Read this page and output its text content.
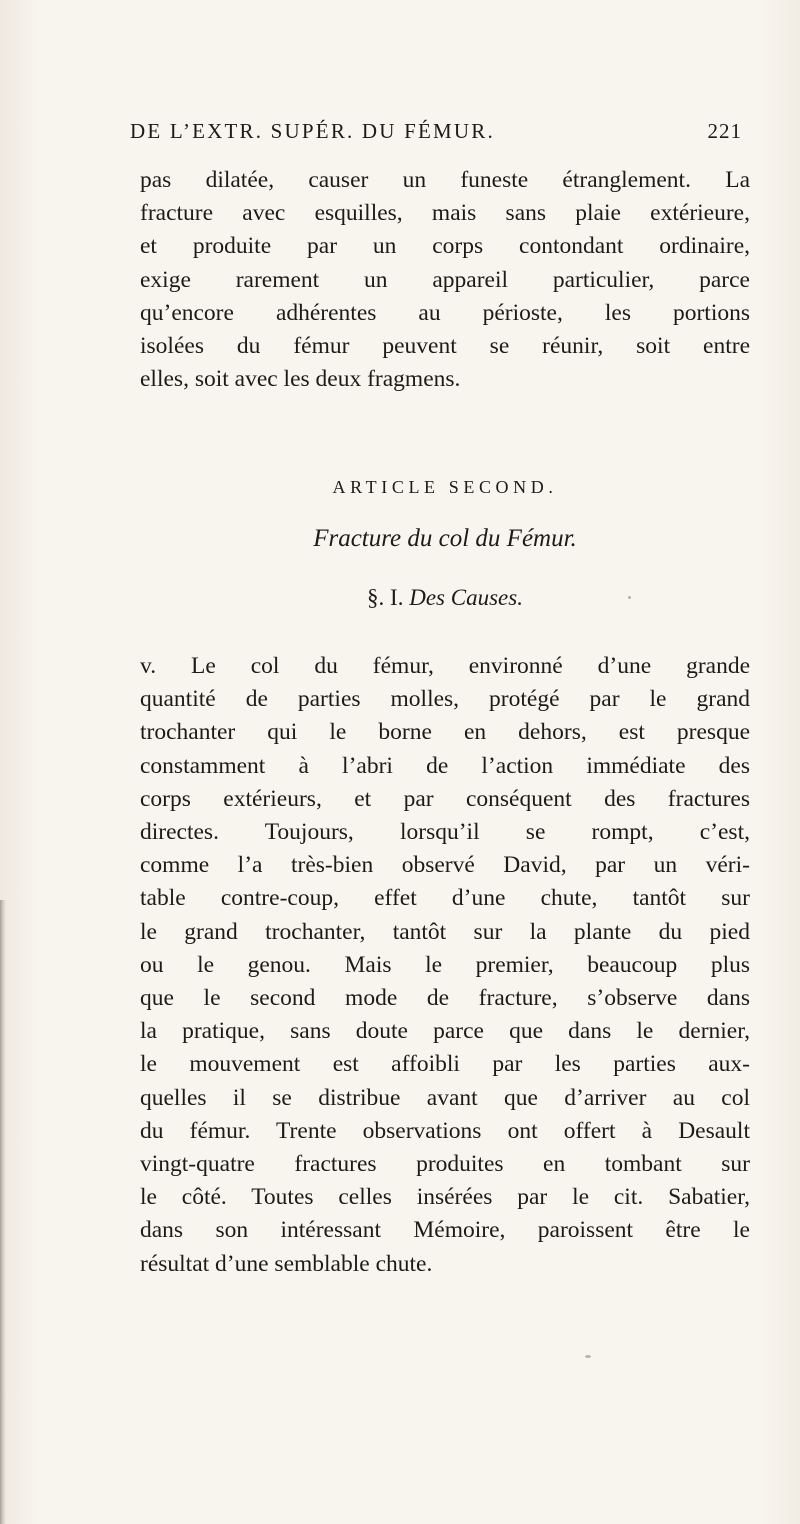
DE L’EXTR. SUPÉR. DU FÉMUR.	221
pas dilatée, causer un funeste étranglement. La
fracture avec esquilles, mais sans plaie extérieure,
et produite par un corps contondant ordinaire,
exige rarement un appareil particulier, parce
qu’encore adhérentes au périoste, les portions
isolées du fémur peuvent se réunir, soit entre
elles, soit avec les deux fragmens.
ARTICLE SECOND.
Fracture du col du Fémur.
§. I. Des Causes.
v. Le col du fémur, environné d’une grande
quantité de parties molles, protégé par le grand
trochanter qui le borne en dehors, est presque
constamment à l’abri de l’action immédiate des
corps extérieurs, et par conséquent des fractures
directes. Toujours, lorsqu’il se rompt, c’est,
comme l’a très-bien observé David, par un véri-
table contre-coup, effet d’une chute, tantôt sur
le grand trochanter, tantôt sur la plante du pied
ou le genou. Mais le premier, beaucoup plus
que le second mode de fracture, s’observe dans
la pratique, sans doute parce que dans le dernier,
le mouvement est affoibli par les parties aux-
quelles il se distribue avant que d’arriver au col
du fémur. Trente observations ont offert à Desault
vingt-quatre fractures produites en tombant sur
le côté. Toutes celles insérées par le cit. Sabatier,
dans son intéressant Mémoire, paroissent être le
résultat d’une semblable chute.
